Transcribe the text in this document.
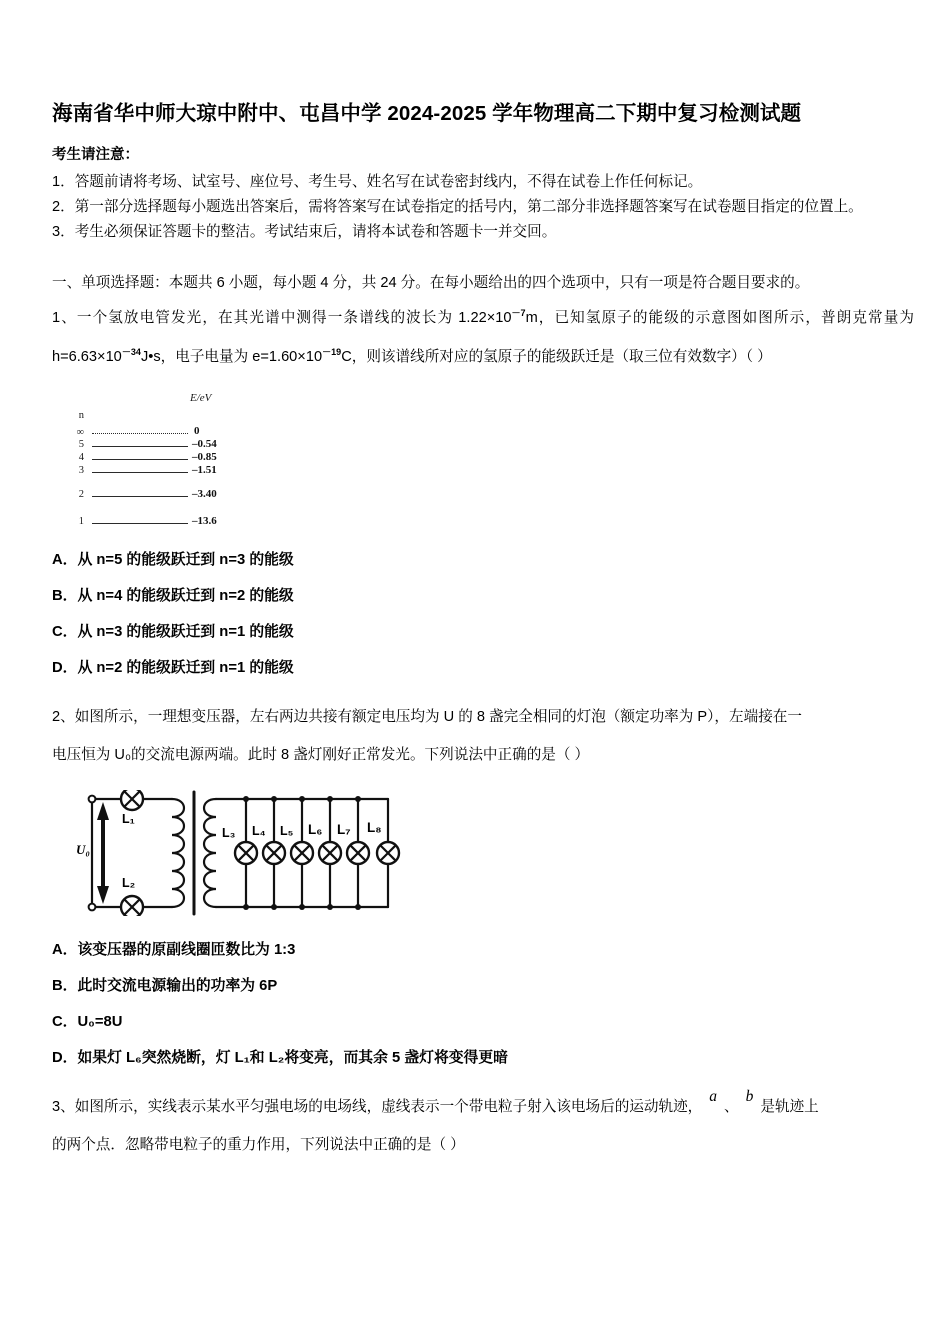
海南省华中师大琼中附中、屯昌中学 2024-2025 学年物理高二下期中复习检测试题

考生请注意：

1．答题前请将考场、试室号、座位号、考生号、姓名写在试卷密封线内，不得在试卷上作任何标记。

2．第一部分选择题每小题选出答案后，需将答案写在试卷指定的括号内，第二部分非选择题答案写在试卷题目指定的位置上。

3．考生必须保证答题卡的整洁。考试结束后，请将本试卷和答题卡一并交回。

一、单项选择题：本题共 6 小题，每小题 4 分，共 24 分。在每小题给出的四个选项中，只有一项是符合题目要求的。

1、一个氢放电管发光，在其光谱中测得一条谱线的波长为 $1.22\times 10^{-7}m$，已知氢原子的能级的示意图如图所示，普朗克常量为 $h=6.63\times 10^{-34}J•s$，电子电量为 $e=1.60\times 10^{-19}C$，则该谱线所对应的氢原子的能级跃迁是（取三位有效数字）（ ）

E/eV
n
∞	0
5	–0.54
4	–0.85
3	–1.51
2	–3.40
1	–13.6

A．从 n=5 的能级跃迁到 n=3 的能级

B．从 n=4 的能级跃迁到 n=2 的能级

C．从 n=3 的能级跃迁到 n=1 的能级

D．从 n=2 的能级跃迁到 n=1 的能级

2、如图所示，一理想变压器，左右两边共接有额定电压均为 U 的 8 盏完全相同的灯泡（额定功率为 P），左端接在一

电压恒为 U₀的交流电源两端。此时 8 盏灯刚好正常发光。下列说法中正确的是（ ）

U₀
L₁
L₂
L₃ L₄ L₅ L₆ L₇ L₈

A．该变压器的原副线圈匝数比为 1:3

B．此时交流电源输出的功率为 6P

C．U₀=8U

D．如果灯 L₆突然烧断，灯 L₁和 L₂将变亮，而其余 5 盏灯将变得更暗

3、如图所示，实线表示某水平匀强电场的电场线，虚线表示一个带电粒子射入该电场后的运动轨迹，a、b是轨迹上

的两个点．忽略带电粒子的重力作用，下列说法中正确的是（ ）
